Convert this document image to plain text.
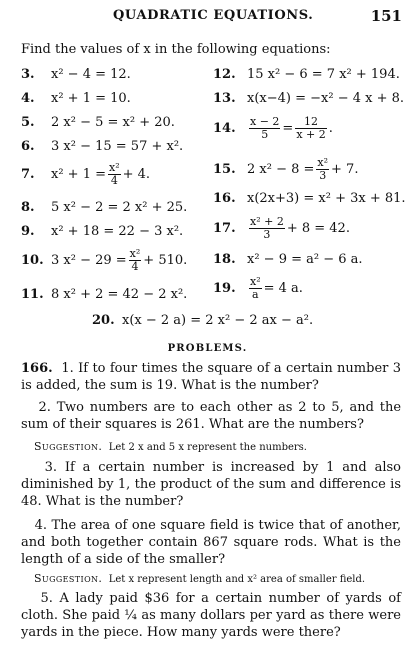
QUADRATIC EQUATIONS.	151
Find the values of x in the following equations:
3. x² − 4 = 12.
4. x² + 1 = 10.
5. 2 x² − 5 = x² + 20.
6. 3 x² − 15 = 57 + x².
7. $x^2 + 1 = \frac{\text{x²}}{4} + 4$.
8. 5 x² − 2 = 2 x² + 25.
9. x² + 18 = 22 − 3 x².
10. 3 $x^2 - 29 = \frac{\text{x²}}{4} + 510$.
11. 8 x² + 2 = 42 − 2 x².
12. 15 x² − 6 = 7 x² + 194.
13. x(x−4) = −x² − 4 x + 8.
14. $\frac{x - 2}{5} = \frac{12}{x + 2}$ .
15. 2 $x^2 - 8 = \frac{\text{x²}}{3} + 7$.
16. x(2x+3) = x² + 3x + 81.
17. $\frac{\text{x² + 2}}{3} + 8 = 42$.
18. x² − 9 = a² − 6 a.
19. $\frac{\text{x²}}{a} = 4$ a.
20. x(x − 2 a) = 2 x² − 2 ax − a².
PROBLEMS.
166. 1. If to four times the square of a certain number 3 is added, the sum is 19. What is the number?
2. Two numbers are to each other as 2 to 5, and the sum of their squares is 261. What are the numbers?
Suggestion. Let 2 x and 5 x represent the numbers.
3. If a certain number is increased by 1 and also diminished by 1, the product of the sum and difference is 48. What is the number?
4. The area of one square field is twice that of another, and both together contain 867 square rods. What is the length of a side of the smaller?
Suggestion. Let x represent length and x² area of smaller field.
5. A lady paid $36 for a certain number of yards of cloth. She paid ¼ as many dollars per yard as there were yards in the piece. How many yards were there?
